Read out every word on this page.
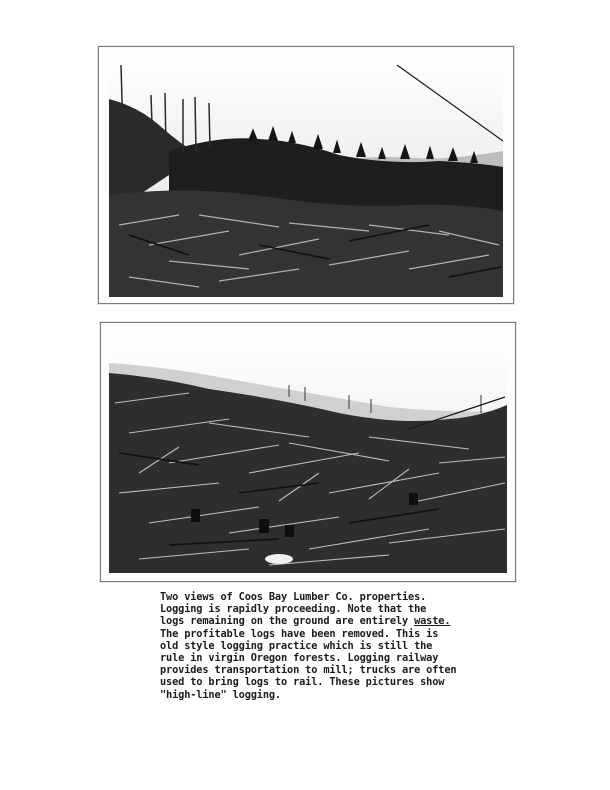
Two views of Coos Bay Lumber Co. properties.
Logging is rapidly proceeding. Note that the
logs remaining on the ground are entirely waste.
The profitable logs have been removed. This is
old style logging practice which is still the
rule in virgin Oregon forests. Logging railway
provides transportation to mill; trucks are often
used to bring logs to rail. These pictures show
"high-line" logging.
